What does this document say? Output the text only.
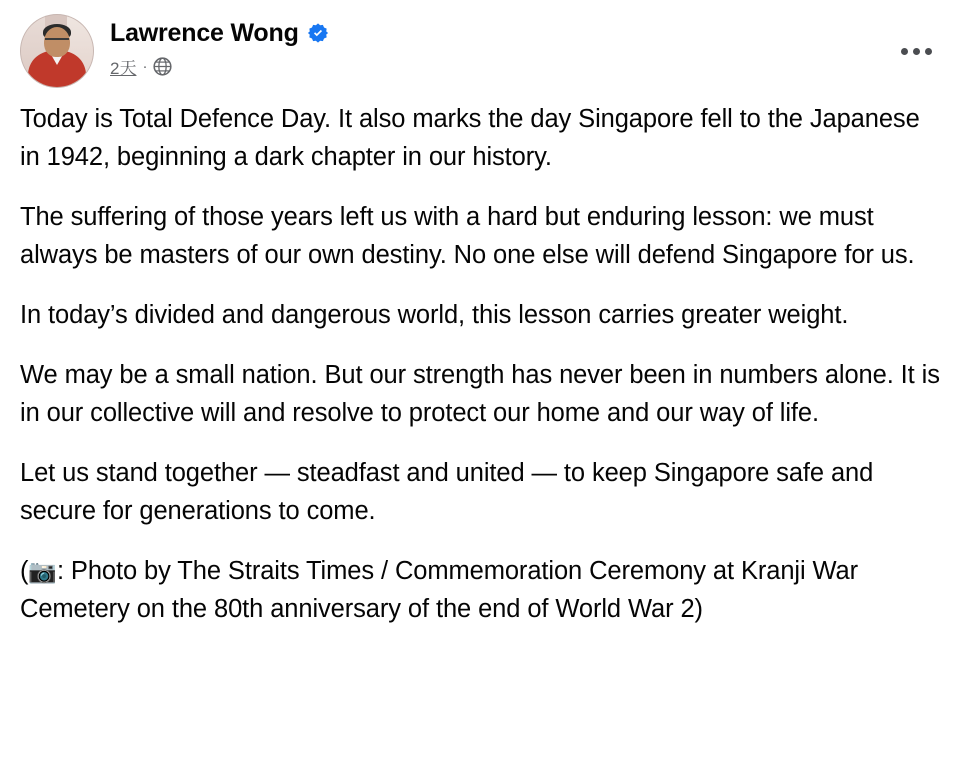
Lawrence Wong
2天 ·

Today is Total Defence Day. It also marks the day Singapore fell to the Japanese in 1942, beginning a dark chapter in our history.

The suffering of those years left us with a hard but enduring lesson: we must always be masters of our own destiny. No one else will defend Singapore for us.

In today’s divided and dangerous world, this lesson carries greater weight.

We may be a small nation. But our strength has never been in numbers alone. It is in our collective will and resolve to protect our home and our way of life.

Let us stand together — steadfast and united — to keep Singapore safe and secure for generations to come.

(📷: Photo by The Straits Times / Commemoration Ceremony at Kranji War Cemetery on the 80th anniversary of the end of World War 2)
